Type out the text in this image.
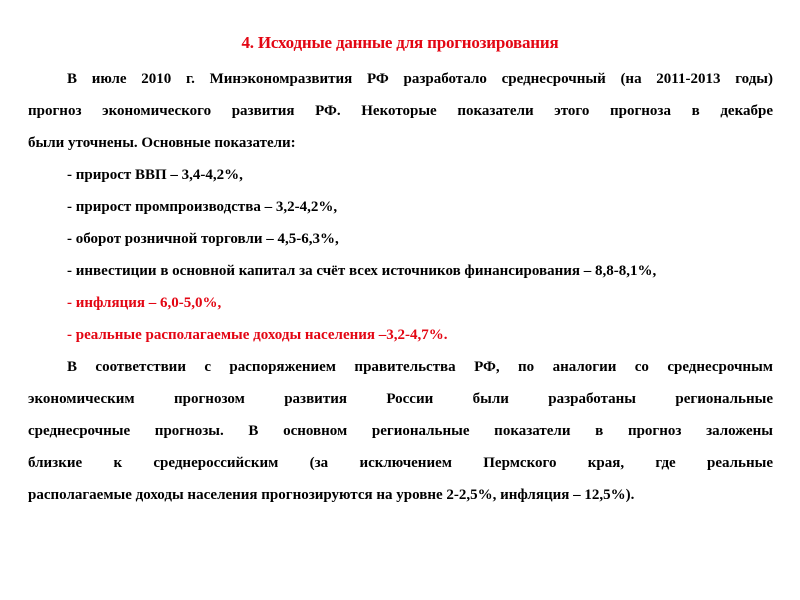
4. Исходные данные для прогнозирования
В июле 2010 г. Минэкономразвития РФ разработало среднесрочный (на 2011-2013 годы)
прогноз экономического развития РФ. Некоторые показатели этого прогноза в декабре
были уточнены. Основные показатели:
- прирост ВВП – 3,4-4,2%,
- прирост промпроизводства – 3,2-4,2%,
- оборот розничной торговли – 4,5-6,3%,
- инвестиции в основной капитал за счёт всех источников финансирования – 8,8-8,1%,
- инфляция – 6,0-5,0%,
- реальные располагаемые доходы населения –3,2-4,7%.
В соответствии с распоряжением правительства РФ, по аналогии со среднесрочным
экономическим прогнозом развития России были разработаны региональные
среднесрочные прогнозы. В основном региональные показатели в прогноз заложены
близкие к среднероссийским (за исключением Пермского края, где реальные
располагаемые доходы населения прогнозируются на уровне 2-2,5%, инфляция – 12,5%).
